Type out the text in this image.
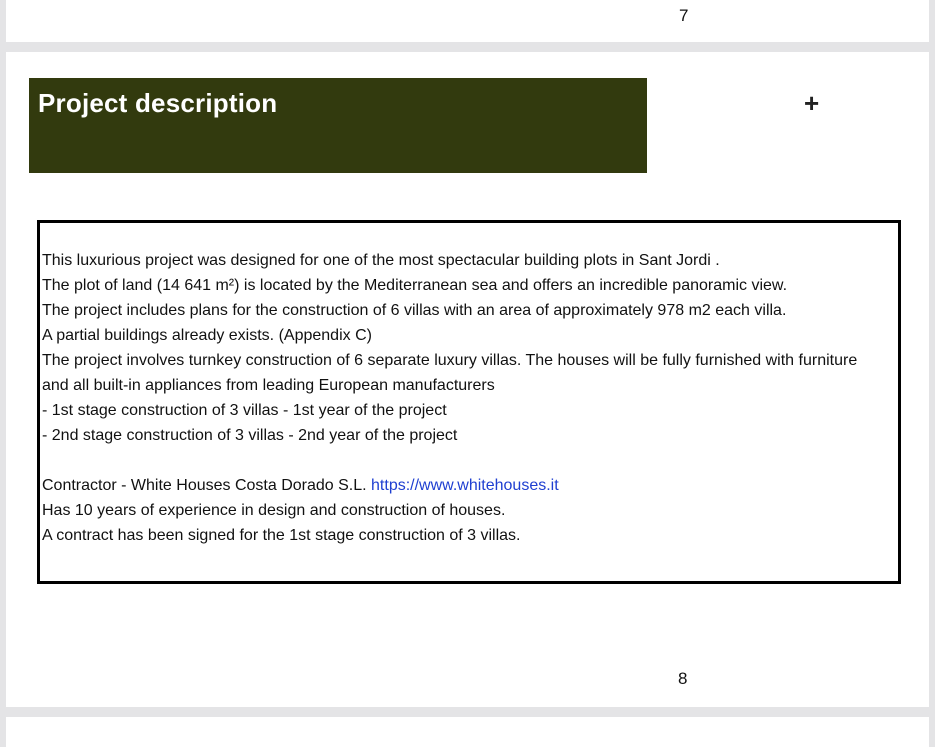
7
Project description	+
This luxurious project was designed for one of the most spectacular building plots in Sant Jordi .
The plot of land (14 641 m²) is located by the Mediterranean sea and offers an incredible panoramic view.
The project includes plans for the construction of 6 villas with an area of approximately 978 m2 each villa.
A partial buildings already exists. (Appendix C)
The project involves turnkey construction of 6 separate luxury villas. The houses will be fully furnished with furniture and all built-in appliances from leading European manufacturers
- 1st stage construction of 3 villas - 1st year of the project
- 2nd stage construction of 3 villas - 2nd year of the project
Contractor - White Houses Costa Dorado S.L. https://www.whitehouses.it
Has 10 years of experience in design and construction of houses.
A contract has been signed for the 1st stage construction of 3 villas.
8
